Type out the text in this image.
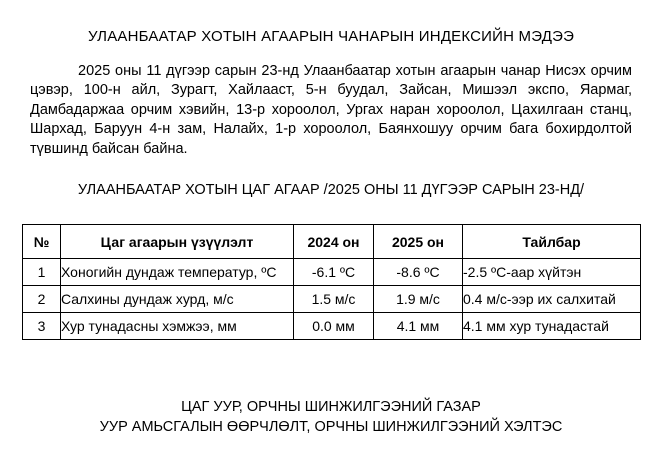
УЛААНБААТАР ХОТЫН АГААРЫН ЧАНАРЫН ИНДЕКСИЙН МЭДЭЭ

2025 оны 11 дүгээр сарын 23-нд Улаанбаатар хотын агаарын чанар Нисэх орчим цэвэр, 100-н айл, Зурагт, Хайлааст, 5-н буудал, Зайсан, Мишээл экспо, Яармаг, Дамбадаржаа орчим хэвийн, 13-р хороолол, Ургах наран хороолол, Цахилгаан станц, Шархад, Баруун 4-н зам, Налайх, 1-р хороолол, Баянхошуу орчим бага бохирдолтой түвшинд байсан байна.

УЛААНБААТАР ХОТЫН ЦАГ АГААР /2025 ОНЫ 11 ДҮГЭЭР САРЫН 23-НД/
№	Цаг агаарын үзүүлэлт	2024 он	2025 он	Тайлбар
1	Хоногийн дундаж температур, ºС	-6.1 ºС	-8.6 ºС	-2.5 ºС-аар хүйтэн
2	Салхины дундаж хурд, м/с	1.5 м/с	1.9 м/с	0.4 м/с-ээр их салхитай
3	Хур тунадасны хэмжээ, мм	0.0 мм	4.1 мм	4.1 мм хур тунадастай
ЦАГ УУР, ОРЧНЫ ШИНЖИЛГЭЭНИЙ ГАЗАР
УУР АМЬСГАЛЫН ӨӨРЧЛӨЛТ, ОРЧНЫ ШИНЖИЛГЭЭНИЙ ХЭЛТЭС
